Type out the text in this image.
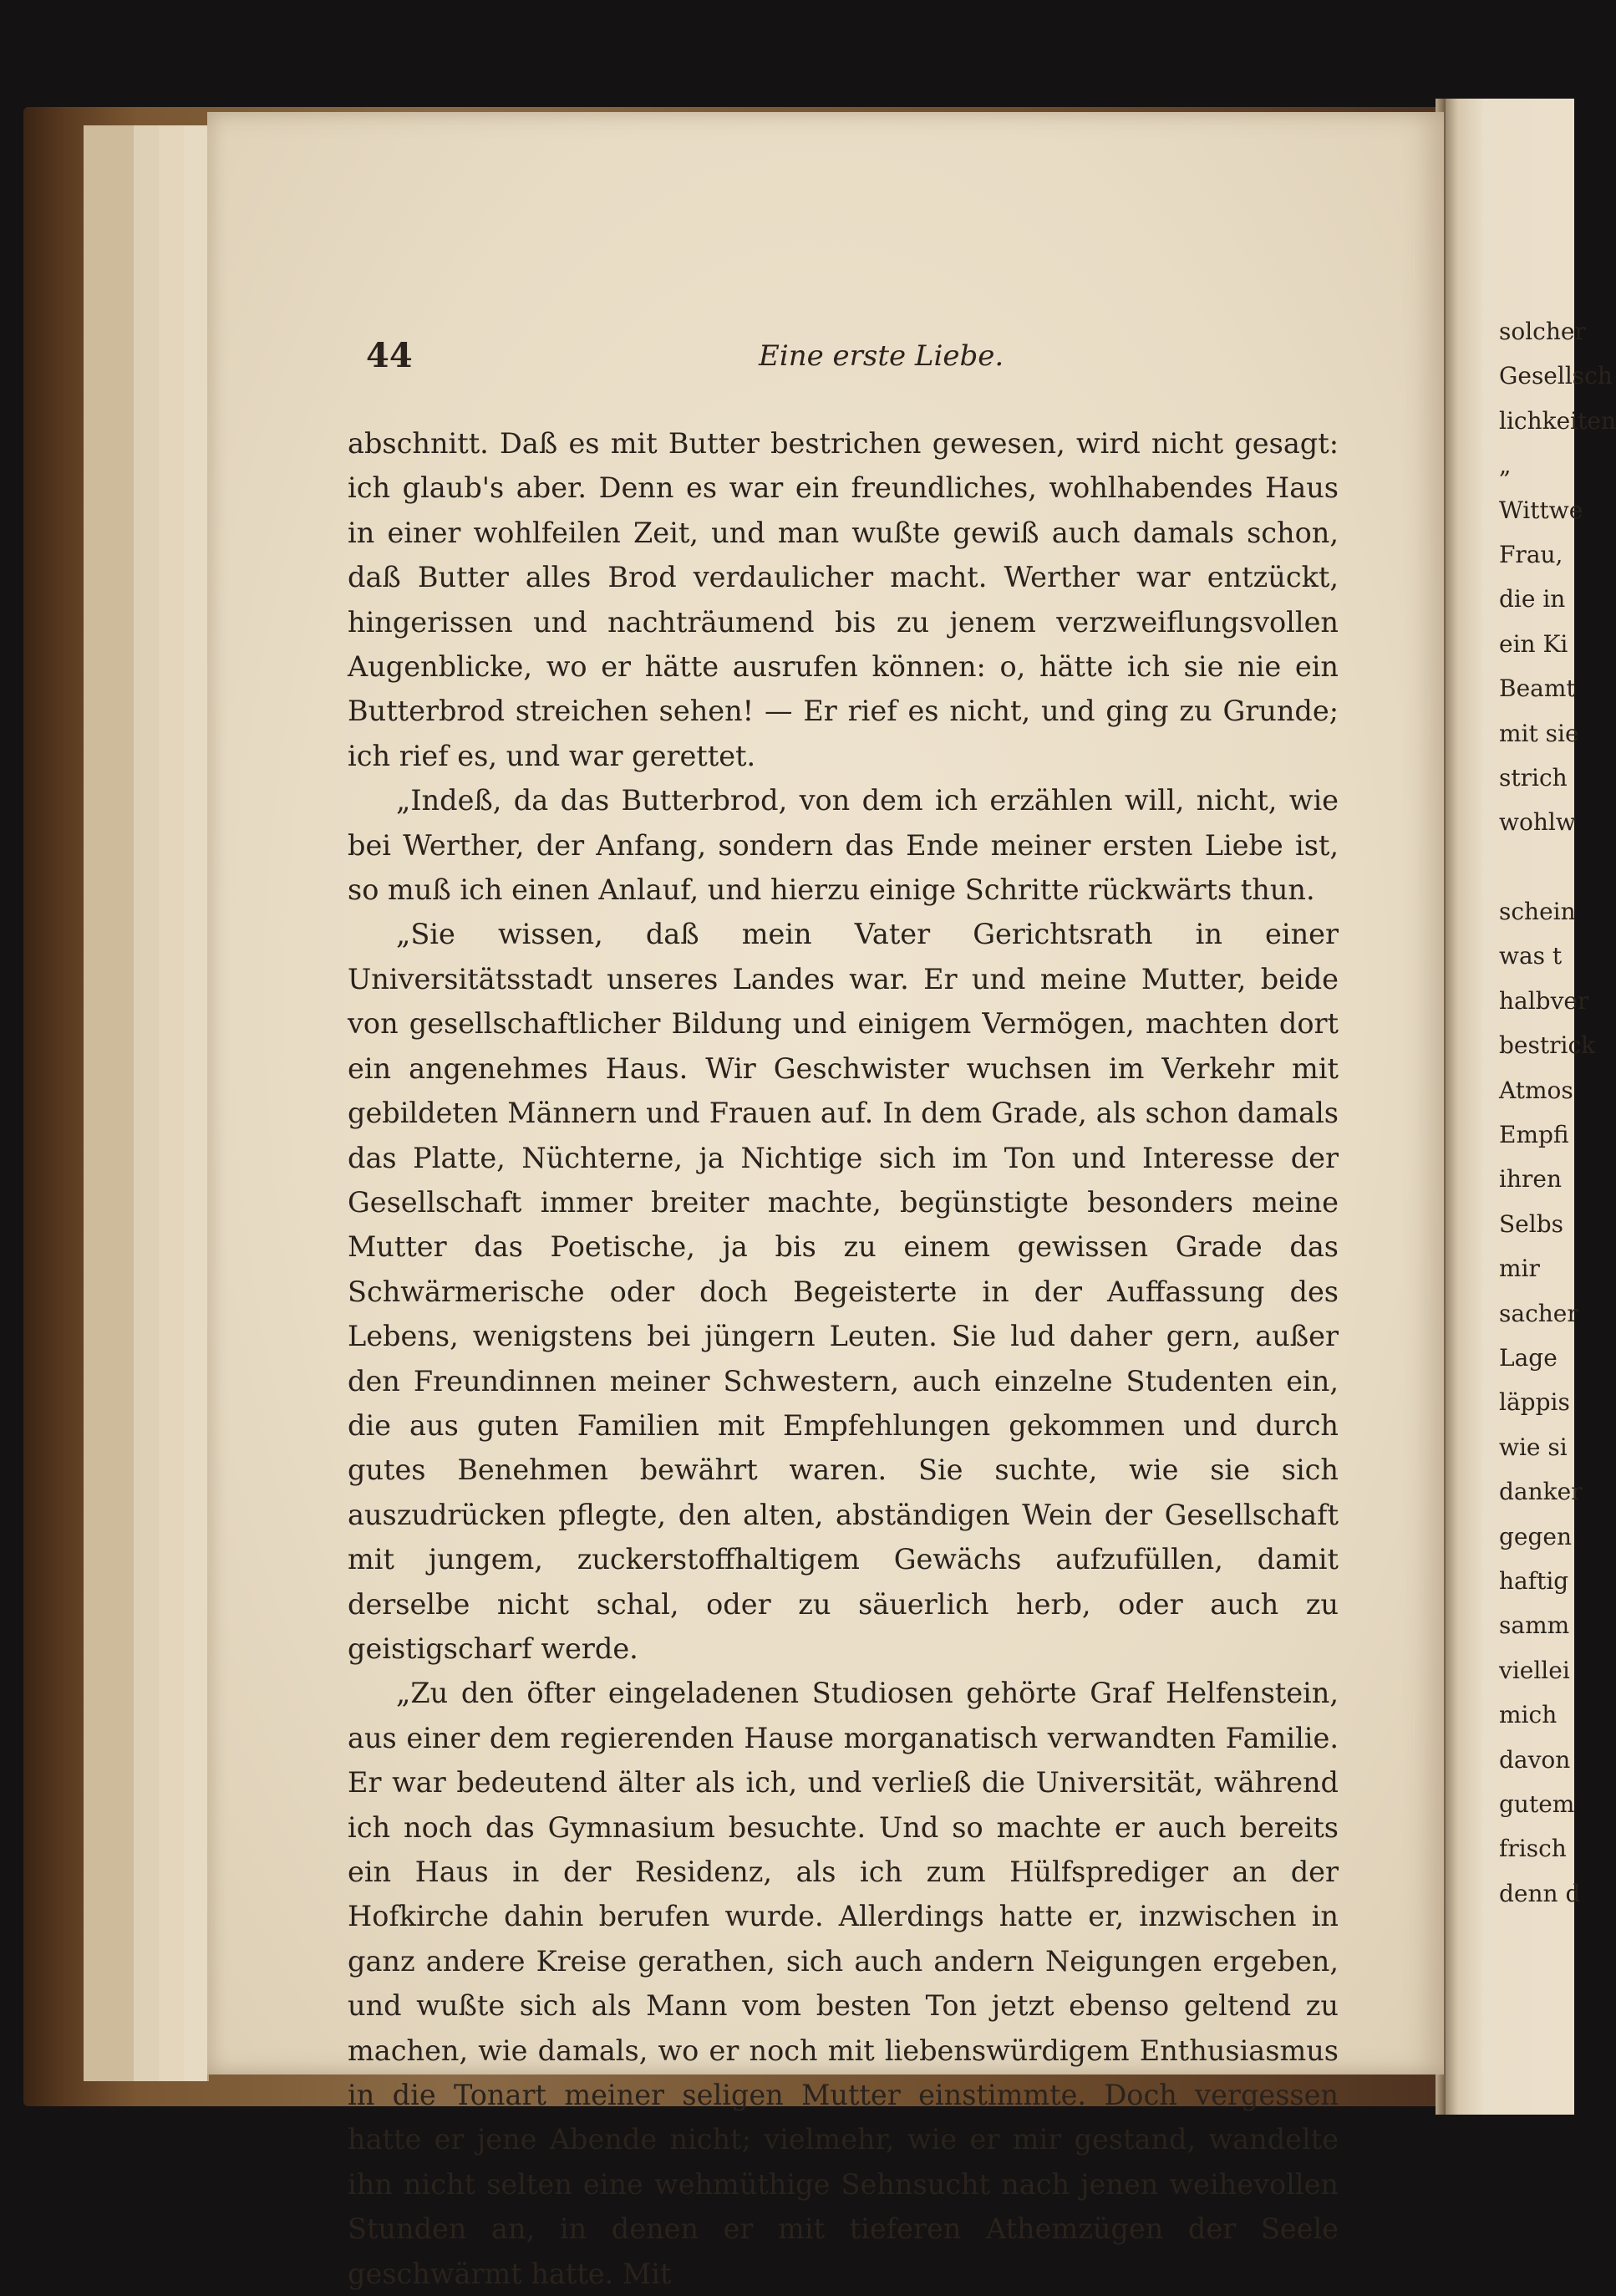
44	Eine erste Liebe.

abschnitt. Daß es mit Butter bestrichen gewesen, wird nicht gesagt: ich glaub's aber. Denn es war ein freundliches, wohlhabendes Haus in einer wohlfeilen Zeit, und man wußte gewiß auch damals schon, daß Butter alles Brod verdaulicher macht. Werther war entzückt, hingerissen und nachträumend bis zu jenem verzweiflungsvollen Augenblicke, wo er hätte ausrufen können: o, hätte ich sie nie ein Butterbrod streichen sehen! — Er rief es nicht, und ging zu Grunde; ich rief es, und war gerettet.

„Indeß, da das Butterbrod, von dem ich erzählen will, nicht, wie bei Werther, der Anfang, sondern das Ende meiner ersten Liebe ist, so muß ich einen Anlauf, und hierzu einige Schritte rückwärts thun.

„Sie wissen, daß mein Vater Gerichtsrath in einer Universitätsstadt unseres Landes war. Er und meine Mutter, beide von gesellschaftlicher Bildung und einigem Vermögen, machten dort ein angenehmes Haus. Wir Geschwister wuchsen im Verkehr mit gebildeten Männern und Frauen auf. In dem Grade, als schon damals das Platte, Nüchterne, ja Nichtige sich im Ton und Interesse der Gesellschaft immer breiter machte, begünstigte besonders meine Mutter das Poetische, ja bis zu einem gewissen Grade das Schwärmerische oder doch Begeisterte in der Auffassung des Lebens, wenigstens bei jüngern Leuten. Sie lud daher gern, außer den Freundinnen meiner Schwestern, auch einzelne Studenten ein, die aus guten Familien mit Empfehlungen gekommen und durch gutes Benehmen bewährt waren. Sie suchte, wie sie sich auszudrücken pflegte, den alten, abständigen Wein der Gesellschaft mit jungem, zuckerstoffhaltigem Gewächs aufzufüllen, damit derselbe nicht schal, oder zu säuerlich herb, oder auch zu geistigscharf werde.

„Zu den öfter eingeladenen Studiosen gehörte Graf Helfenstein, aus einer dem regierenden Hause morganatisch verwandten Familie. Er war bedeutend älter als ich, und verließ die Universität, während ich noch das Gymnasium besuchte. Und so machte er auch bereits ein Haus in der Residenz, als ich zum Hülfsprediger an der Hofkirche dahin berufen wurde. Allerdings hatte er, inzwischen in ganz andere Kreise gerathen, sich auch andern Neigungen ergeben, und wußte sich als Mann vom besten Ton jetzt ebenso geltend zu machen, wie damals, wo er noch mit liebenswürdigem Enthusiasmus in die Tonart meiner seligen Mutter einstimmte. Doch vergessen hatte er jene Abende nicht; vielmehr, wie er mir gestand, wandelte ihn nicht selten eine wehmüthige Sehnsucht nach jenen weihevollen Stunden an, in denen er mit tieferen Athemzügen der Seele geschwärmt hatte. Mit

solcher
Gesellsch
lichkeiten
„
Wittwe
Frau,
die in
ein Ki
Beamt
mit sie
strich
wohlw
schein
was t
halbver
bestrick
Atmos
Empfi
ihren
Selbs
mir
sacher
Lage
läppis
wie si
danker
gegen
haftig
samm
viellei
mich
davon
gutem
frisch
denn d
